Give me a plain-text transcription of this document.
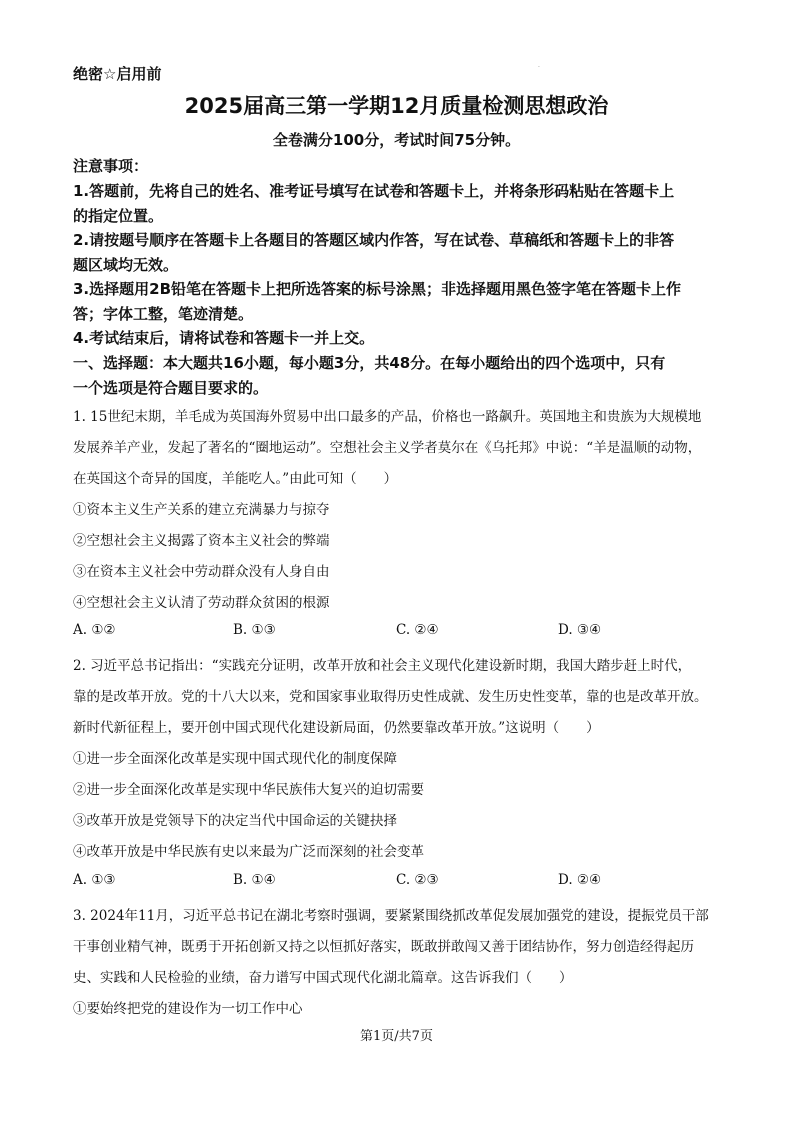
·
绝密☆启用前
2025届高三第一学期12月质量检测思想政治
全卷满分100分，考试时间75分钟。
注意事项：
1.答题前，先将自己的姓名、准考证号填写在试卷和答题卡上，并将条形码粘贴在答题卡上
的指定位置。
2.请按题号顺序在答题卡上各题目的答题区域内作答，写在试卷、草稿纸和答题卡上的非答
题区域均无效。
3.选择题用2B铅笔在答题卡上把所选答案的标号涂黑；非选择题用黑色签字笔在答题卡上作
答；字体工整，笔迹清楚。
4.考试结束后，请将试卷和答题卡一并上交。
一、选择题：本大题共16小题，每小题3分，共48分。在每小题给出的四个选项中，只有
一个选项是符合题目要求的。
1. 15世纪末期，羊毛成为英国海外贸易中出口最多的产品，价格也一路飙升。英国地主和贵族为大规模地
发展养羊产业，发起了著名的“圈地运动”。空想社会主义学者莫尔在《乌托邦》中说：“羊是温顺的动物，
在英国这个奇异的国度，羊能吃人。”由此可知（　　）
①资本主义生产关系的建立充满暴力与掠夺
②空想社会主义揭露了资本主义社会的弊端
③在资本主义社会中劳动群众没有人身自由
④空想社会主义认清了劳动群众贫困的根源
A. ①②	B. ①③	C. ②④	D. ③④
2. 习近平总书记指出：“实践充分证明，改革开放和社会主义现代化建设新时期，我国大踏步赶上时代，
靠的是改革开放。党的十八大以来，党和国家事业取得历史性成就、发生历史性变革，靠的也是改革开放。
新时代新征程上，要开创中国式现代化建设新局面，仍然要靠改革开放。”这说明（　　）
①进一步全面深化改革是实现中国式现代化的制度保障
②进一步全面深化改革是实现中华民族伟大复兴的迫切需要
③改革开放是党领导下的决定当代中国命运的关键抉择
④改革开放是中华民族有史以来最为广泛而深刻的社会变革
A. ①③	B. ①④	C. ②③	D. ②④
3. 2024年11月，习近平总书记在湖北考察时强调，要紧紧围绕抓改革促发展加强党的建设，提振党员干部
干事创业精气神，既勇于开拓创新又持之以恒抓好落实，既敢拼敢闯又善于团结协作，努力创造经得起历
史、实践和人民检验的业绩，奋力谱写中国式现代化湖北篇章。这告诉我们（　　）
①要始终把党的建设作为一切工作中心
第1页/共7页
